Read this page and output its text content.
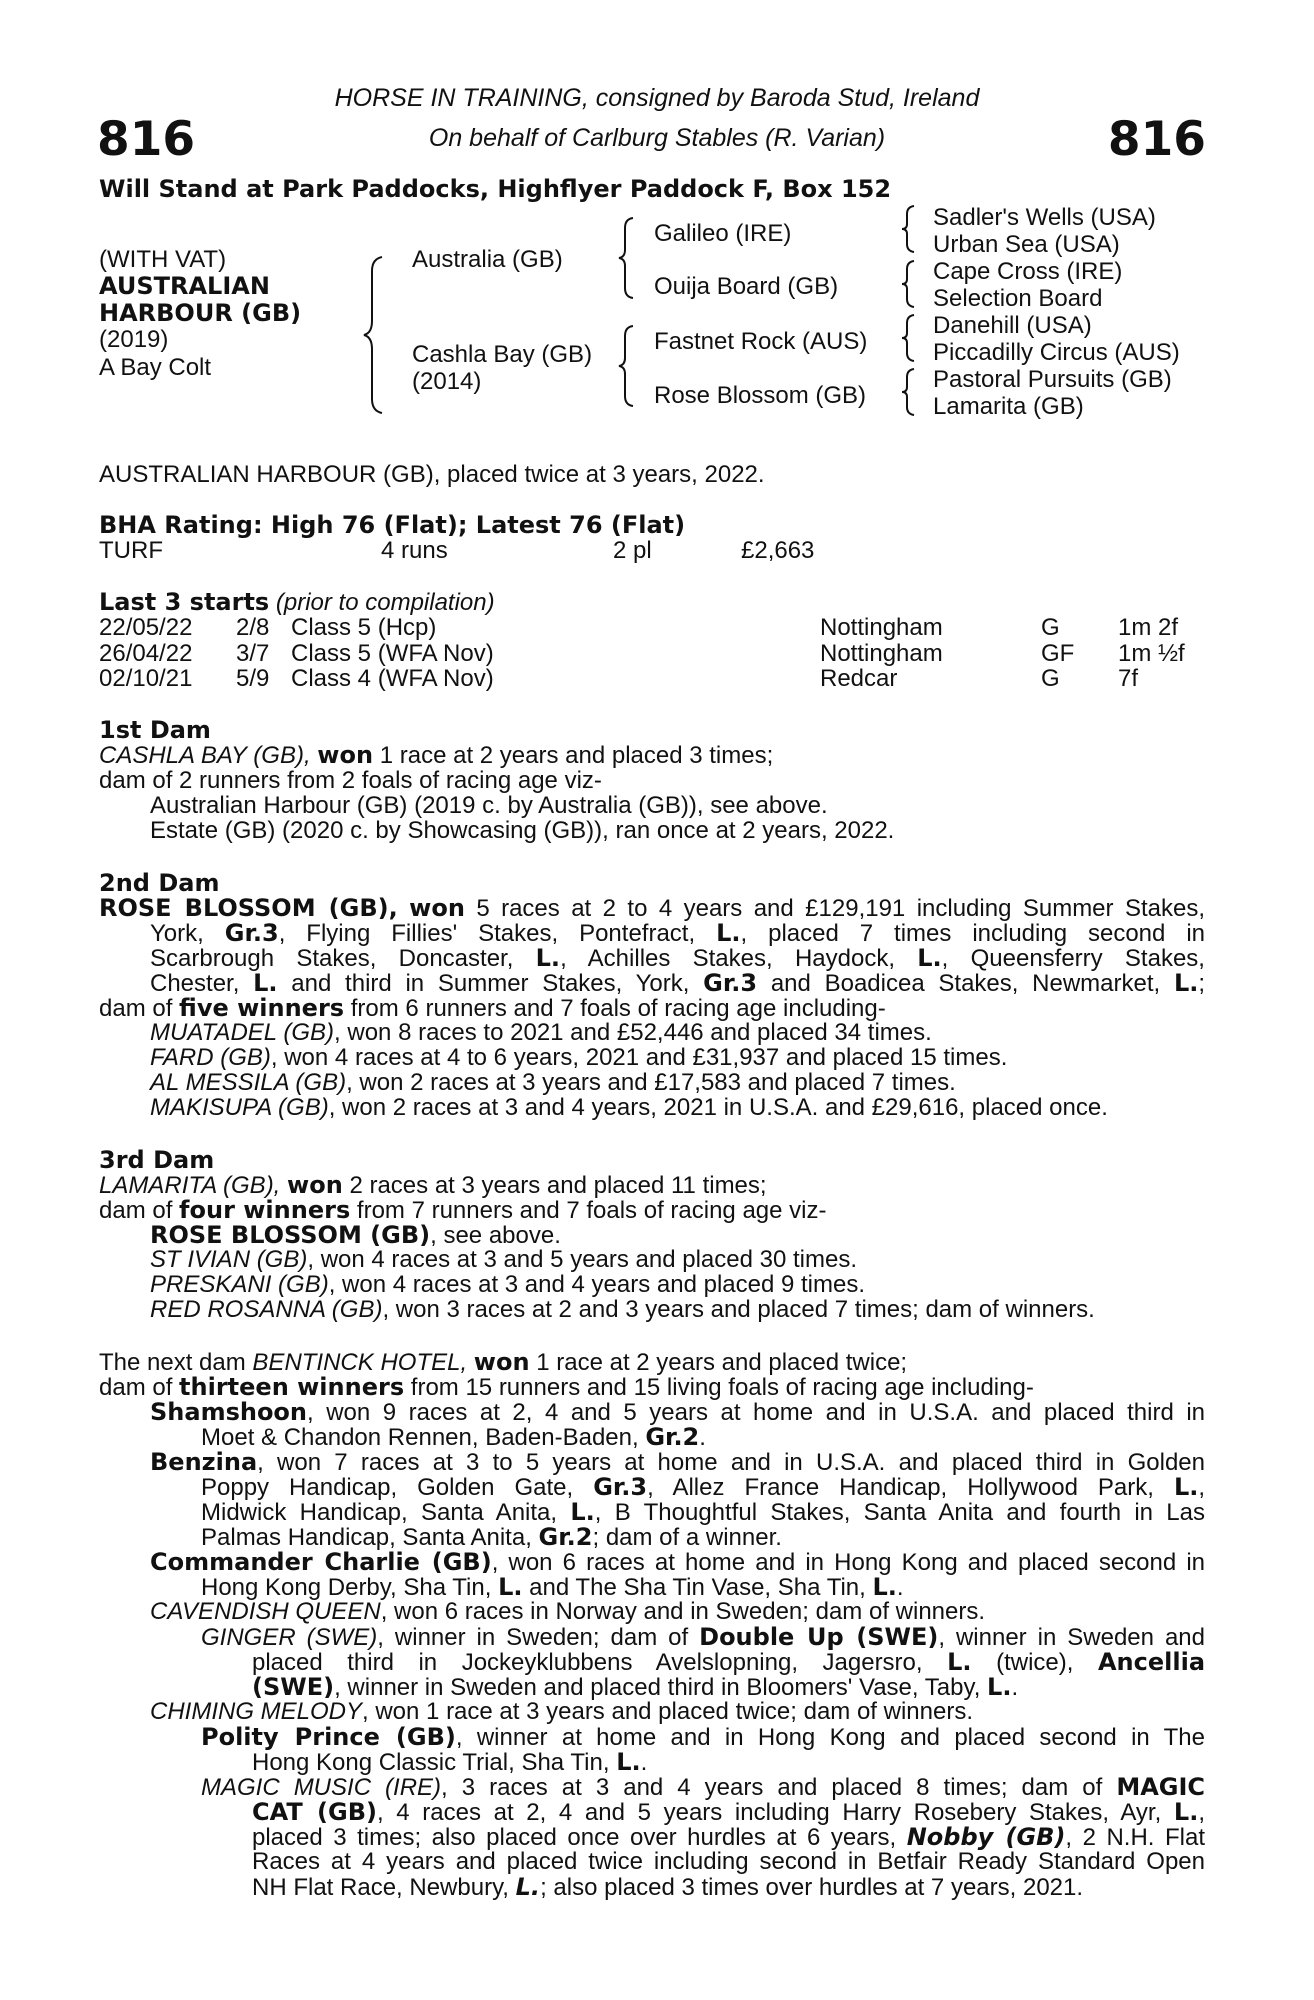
816	816
HORSE IN TRAINING, consigned by Baroda Stud, Ireland
On behalf of Carlburg Stables (R. Varian)
Will Stand at Park Paddocks, Highflyer Paddock F, Box 152
(WITH VAT)
AUSTRALIAN
HARBOUR (GB)
(2019)
A Bay Colt
Australia (GB)
Cashla Bay (GB)
(2014)
Galileo (IRE)
Ouija Board (GB)
Fastnet Rock (AUS)
Rose Blossom (GB)
Sadler's Wells (USA)
Urban Sea (USA)
Cape Cross (IRE)
Selection Board
Danehill (USA)
Piccadilly Circus (AUS)
Pastoral Pursuits (GB)
Lamarita (GB)
AUSTRALIAN HARBOUR (GB), placed twice at 3 years, 2022.
BHA Rating: High 76 (Flat); Latest 76 (Flat)
TURF	4 runs	2 pl	£2,663
Last 3 starts (prior to compilation)
22/05/22 2/8 Class 5 (Hcp)	Nottingham	G 1m 2f
26/04/22 3/7 Class 5 (WFA Nov)	Nottingham	GF 1m ½f
02/10/21 5/9 Class 4 (WFA Nov)	Redcar	G 7f
1st Dam
CASHLA BAY (GB), won 1 race at 2 years and placed 3 times;
dam of 2 runners from 2 foals of racing age viz-
Australian Harbour (GB) (2019 c. by Australia (GB)), see above.
Estate (GB) (2020 c. by Showcasing (GB)), ran once at 2 years, 2022.
2nd Dam
ROSE BLOSSOM (GB), won 5 races at 2 to 4 years and £129,191 including Summer Stakes,
York, Gr.3, Flying Fillies' Stakes, Pontefract, L., placed 7 times including second in
Scarbrough Stakes, Doncaster, L., Achilles Stakes, Haydock, L., Queensferry Stakes,
Chester, L. and third in Summer Stakes, York, Gr.3 and Boadicea Stakes, Newmarket, L.;
dam of five winners from 6 runners and 7 foals of racing age including-
MUATADEL (GB), won 8 races to 2021 and £52,446 and placed 34 times.
FARD (GB), won 4 races at 4 to 6 years, 2021 and £31,937 and placed 15 times.
AL MESSILA (GB), won 2 races at 3 years and £17,583 and placed 7 times.
MAKISUPA (GB), won 2 races at 3 and 4 years, 2021 in U.S.A. and £29,616, placed once.
3rd Dam
LAMARITA (GB), won 2 races at 3 years and placed 11 times;
dam of four winners from 7 runners and 7 foals of racing age viz-
ROSE BLOSSOM (GB), see above.
ST IVIAN (GB), won 4 races at 3 and 5 years and placed 30 times.
PRESKANI (GB), won 4 races at 3 and 4 years and placed 9 times.
RED ROSANNA (GB), won 3 races at 2 and 3 years and placed 7 times; dam of winners.
The next dam BENTINCK HOTEL, won 1 race at 2 years and placed twice;
dam of thirteen winners from 15 runners and 15 living foals of racing age including-
Shamshoon, won 9 races at 2, 4 and 5 years at home and in U.S.A. and placed third in
Moet & Chandon Rennen, Baden-Baden, Gr.2.
Benzina, won 7 races at 3 to 5 years at home and in U.S.A. and placed third in Golden
Poppy Handicap, Golden Gate, Gr.3, Allez France Handicap, Hollywood Park, L.,
Midwick Handicap, Santa Anita, L., B Thoughtful Stakes, Santa Anita and fourth in Las
Palmas Handicap, Santa Anita, Gr.2; dam of a winner.
Commander Charlie (GB), won 6 races at home and in Hong Kong and placed second in
Hong Kong Derby, Sha Tin, L. and The Sha Tin Vase, Sha Tin, L..
CAVENDISH QUEEN, won 6 races in Norway and in Sweden; dam of winners.
GINGER (SWE), winner in Sweden; dam of Double Up (SWE), winner in Sweden and
placed third in Jockeyklubbens Avelslopning, Jagersro, L. (twice), Ancellia
(SWE), winner in Sweden and placed third in Bloomers' Vase, Taby, L..
CHIMING MELODY, won 1 race at 3 years and placed twice; dam of winners.
Polity Prince (GB), winner at home and in Hong Kong and placed second in The
Hong Kong Classic Trial, Sha Tin, L..
MAGIC MUSIC (IRE), 3 races at 3 and 4 years and placed 8 times; dam of MAGIC
CAT (GB), 4 races at 2, 4 and 5 years including Harry Rosebery Stakes, Ayr, L.,
placed 3 times; also placed once over hurdles at 6 years, Nobby (GB), 2 N.H. Flat
Races at 4 years and placed twice including second in Betfair Ready Standard Open
NH Flat Race, Newbury, L.; also placed 3 times over hurdles at 7 years, 2021.
